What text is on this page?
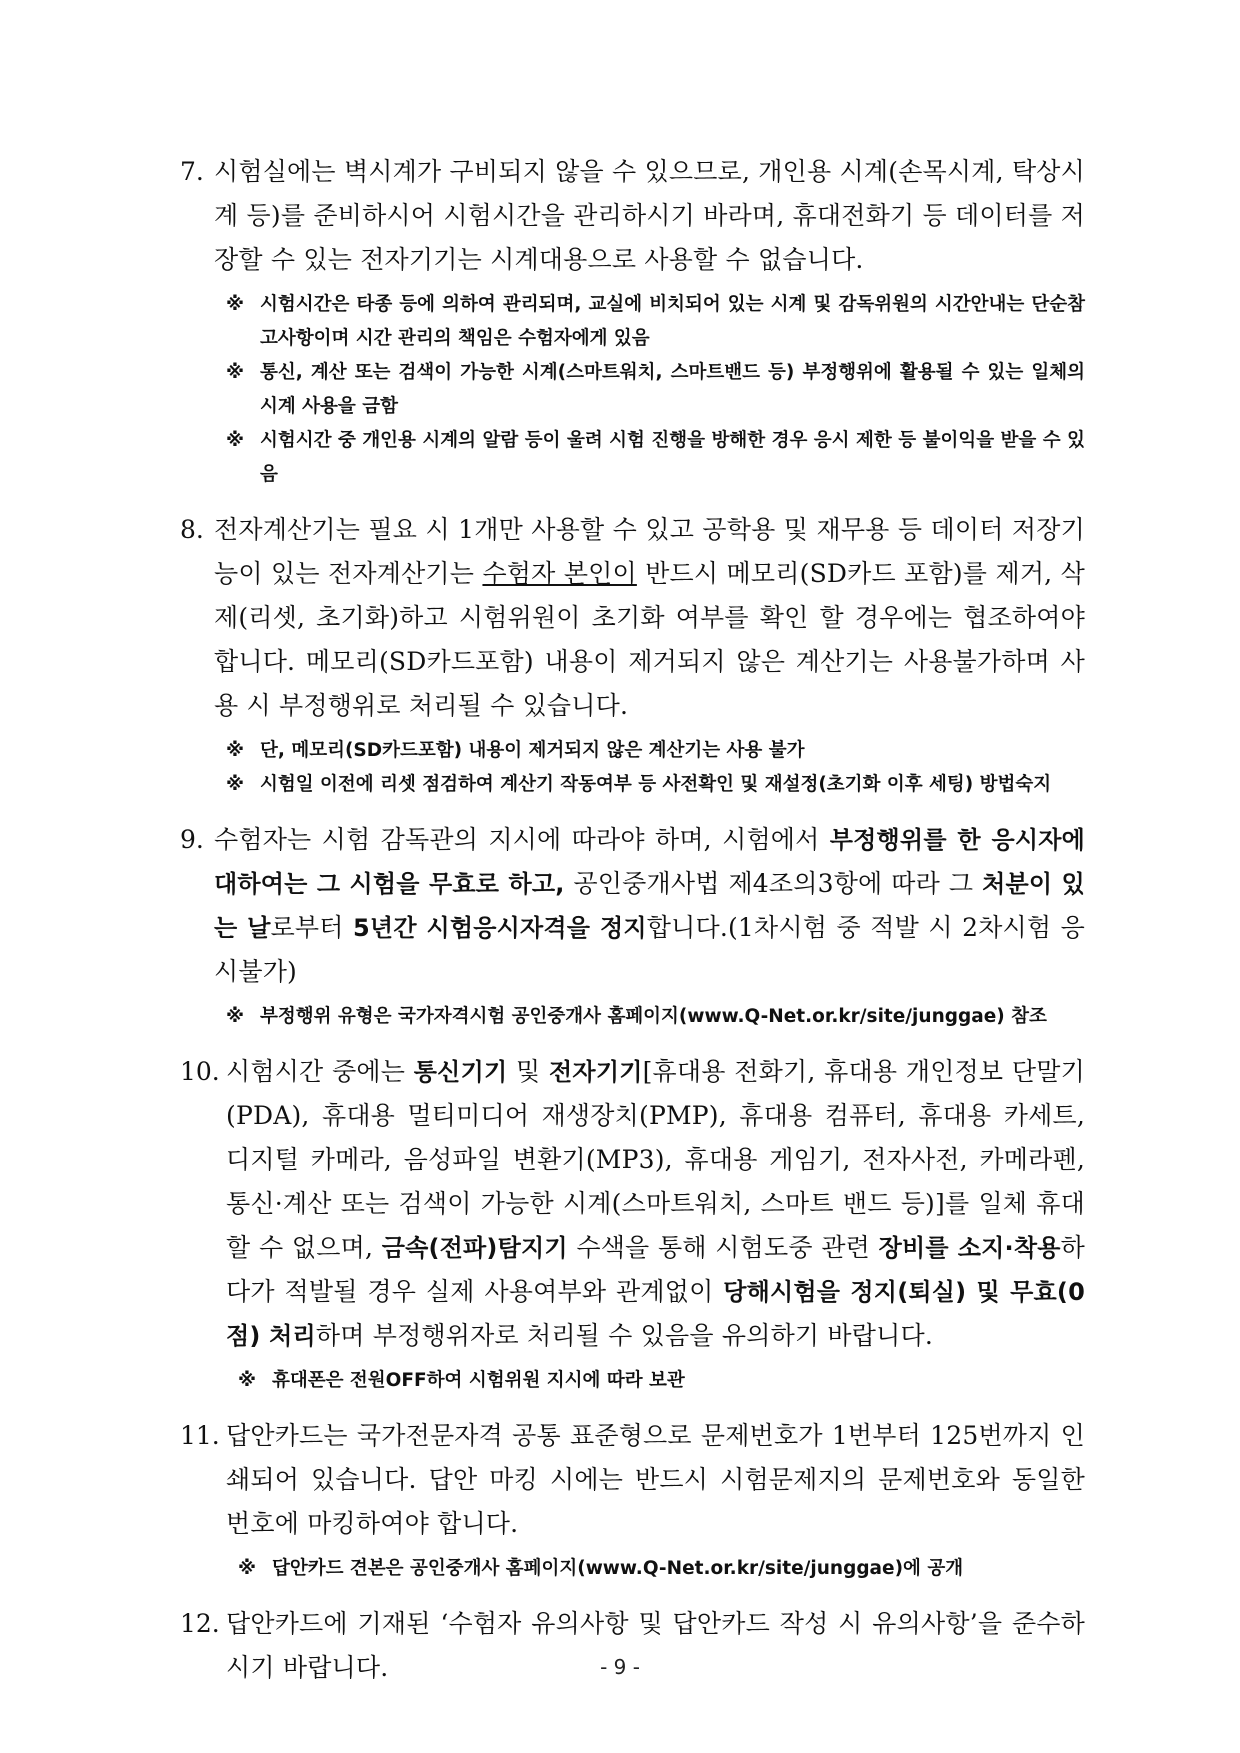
7. 시험실에는 벽시계가 구비되지 않을 수 있으므로, 개인용 시계(손목시계, 탁상시계 등)를 준비하시어 시험시간을 관리하시기 바라며, 휴대전화기 등 데이터를 저장할 수 있는 전자기기는 시계대용으로 사용할 수 없습니다.

※ 시험시간은 타종 등에 의하여 관리되며, 교실에 비치되어 있는 시계 및 감독위원의 시간안내는 단순참고사항이며 시간 관리의 책임은 수험자에게 있음
※ 통신, 계산 또는 검색이 가능한 시계(스마트워치, 스마트밴드 등) 부정행위에 활용될 수 있는 일체의 시계 사용을 금함
※ 시험시간 중 개인용 시계의 알람 등이 울려 시험 진행을 방해한 경우 응시 제한 등 불이익을 받을 수 있음
8. 전자계산기는 필요 시 1개만 사용할 수 있고 공학용 및 재무용 등 데이터 저장기능이 있는 전자계산기는 수험자 본인이 반드시 메모리(SD카드 포함)를 제거, 삭제(리셋, 초기화)하고 시험위원이 초기화 여부를 확인 할 경우에는 협조하여야 합니다. 메모리(SD카드포함) 내용이 제거되지 않은 계산기는 사용불가하며 사용 시 부정행위로 처리될 수 있습니다.

※ 단, 메모리(SD카드포함) 내용이 제거되지 않은 계산기는 사용 불가
※ 시험일 이전에 리셋 점검하여 계산기 작동여부 등 사전확인 및 재설정(초기화 이후 세팅) 방법숙지
9. 수험자는 시험 감독관의 지시에 따라야 하며, 시험에서 부정행위를 한 응시자에 대하여는 그 시험을 무효로 하고, 공인중개사법 제4조의3항에 따라 그 처분이 있는 날로부터 5년간 시험응시자격을 정지합니다.(1차시험 중 적발 시 2차시험 응시불가)

※ 부정행위 유형은 국가자격시험 공인중개사 홈페이지(www.Q-Net.or.kr/site/junggae) 참조
10. 시험시간 중에는 통신기기 및 전자기기[휴대용 전화기, 휴대용 개인정보 단말기(PDA), 휴대용 멀티미디어 재생장치(PMP), 휴대용 컴퓨터, 휴대용 카세트, 디지털 카메라, 음성파일 변환기(MP3), 휴대용 게임기, 전자사전, 카메라펜, 통신·계산 또는 검색이 가능한 시계(스마트워치, 스마트 밴드 등)]를 일체 휴대할 수 없으며, 금속(전파)탐지기 수색을 통해 시험도중 관련 장비를 소지·착용하다가 적발될 경우 실제 사용여부와 관계없이 당해시험을 정지(퇴실) 및 무효(0점) 처리하며 부정행위자로 처리될 수 있음을 유의하기 바랍니다.

※ 휴대폰은 전원OFF하여 시험위원 지시에 따라 보관
11. 답안카드는 국가전문자격 공통 표준형으로 문제번호가 1번부터 125번까지 인쇄되어 있습니다. 답안 마킹 시에는 반드시 시험문제지의 문제번호와 동일한 번호에 마킹하여야 합니다.

※ 답안카드 견본은 공인중개사 홈페이지(www.Q-Net.or.kr/site/junggae)에 공개
12. 답안카드에 기재된 ‘수험자 유의사항 및 답안카드 작성 시 유의사항’을 준수하시기 바랍니다.	- 9 -
